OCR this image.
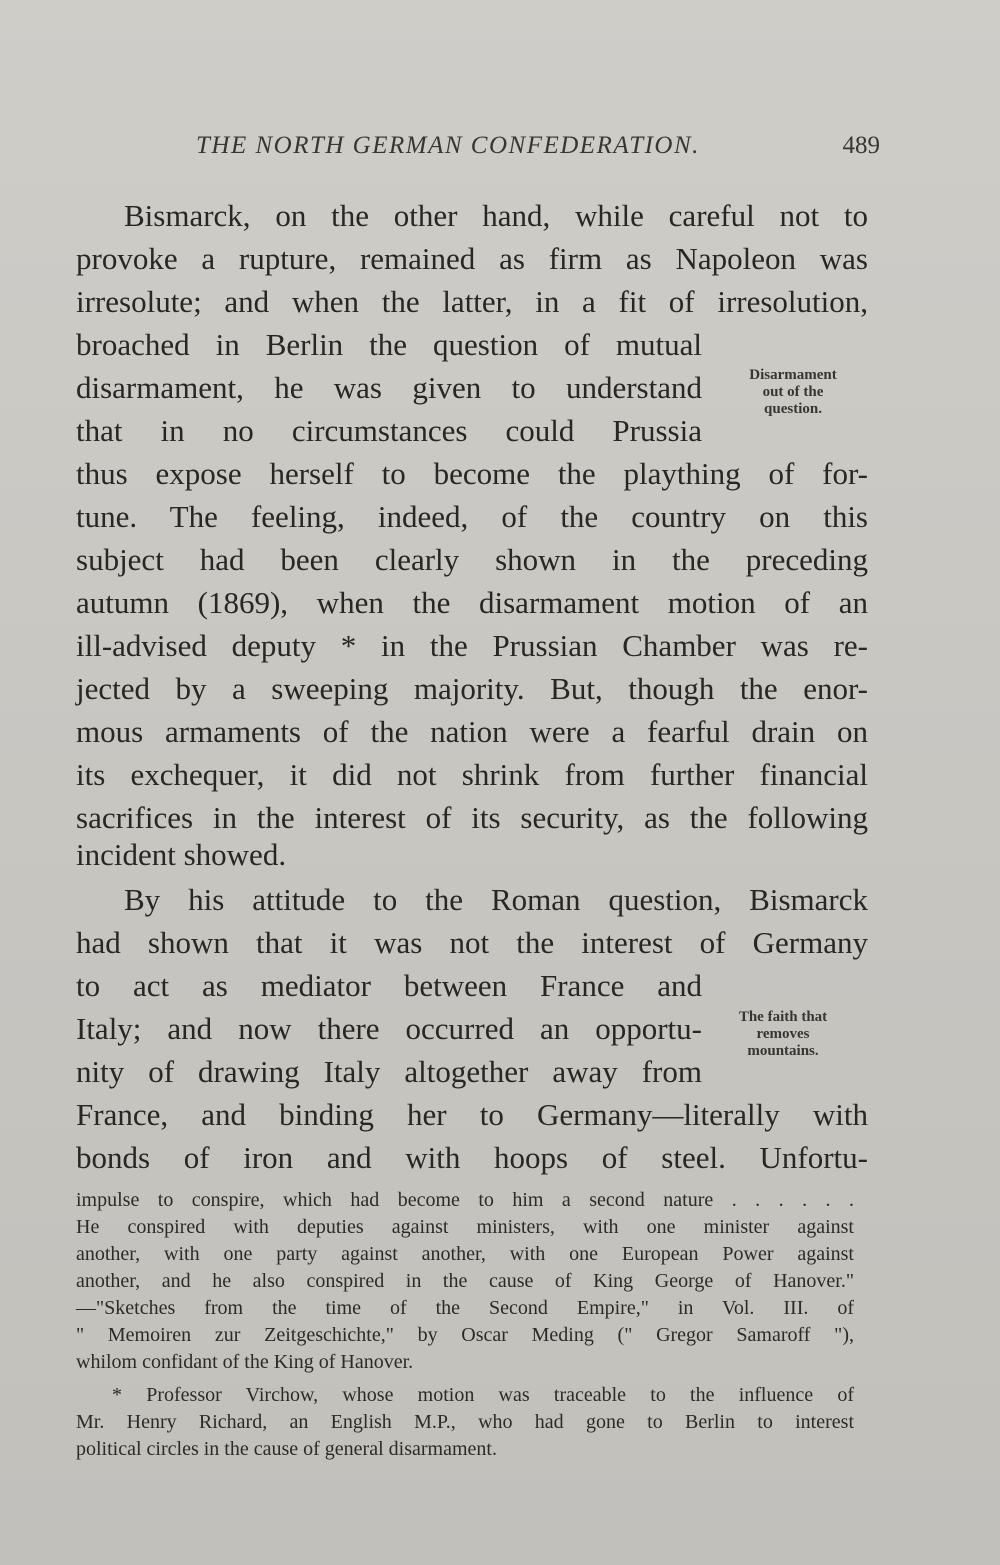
THE NORTH GERMAN CONFEDERATION.	489
Bismarck, on the other hand, while careful not to
provoke a rupture, remained as firm as Napoleon was
irresolute; and when the latter, in a fit of irresolution,
broached in Berlin the question of mutual
disarmament, he was given to understand
that in no circumstances could Prussia
thus expose herself to become the plaything of for-
tune. The feeling, indeed, of the country on this
subject had been clearly shown in the preceding
autumn (1869), when the disarmament motion of an
ill-advised deputy * in the Prussian Chamber was re-
jected by a sweeping majority. But, though the enor-
mous armaments of the nation were a fearful drain on
its exchequer, it did not shrink from further financial
sacrifices in the interest of its security, as the following
incident showed.
By his attitude to the Roman question, Bismarck
had shown that it was not the interest of Germany
to act as mediator between France and
Italy; and now there occurred an opportu-
nity of drawing Italy altogether away from
France, and binding her to Germany—literally with
bonds of iron and with hoops of steel. Unfortu-
Disarmament
out of the
question.
The faith that
removes
mountains.
impulse to conspire, which had become to him a second nature . . . . . .
He conspired with deputies against ministers, with one minister against
another, with one party against another, with one European Power against
another, and he also conspired in the cause of King George of Hanover."
—"Sketches from the time of the Second Empire," in Vol. III. of
" Memoiren zur Zeitgeschichte," by Oscar Meding (" Gregor Samaroff "),
whilom confidant of the King of Hanover.
* Professor Virchow, whose motion was traceable to the influence of
Mr. Henry Richard, an English M.P., who had gone to Berlin to interest
political circles in the cause of general disarmament.
